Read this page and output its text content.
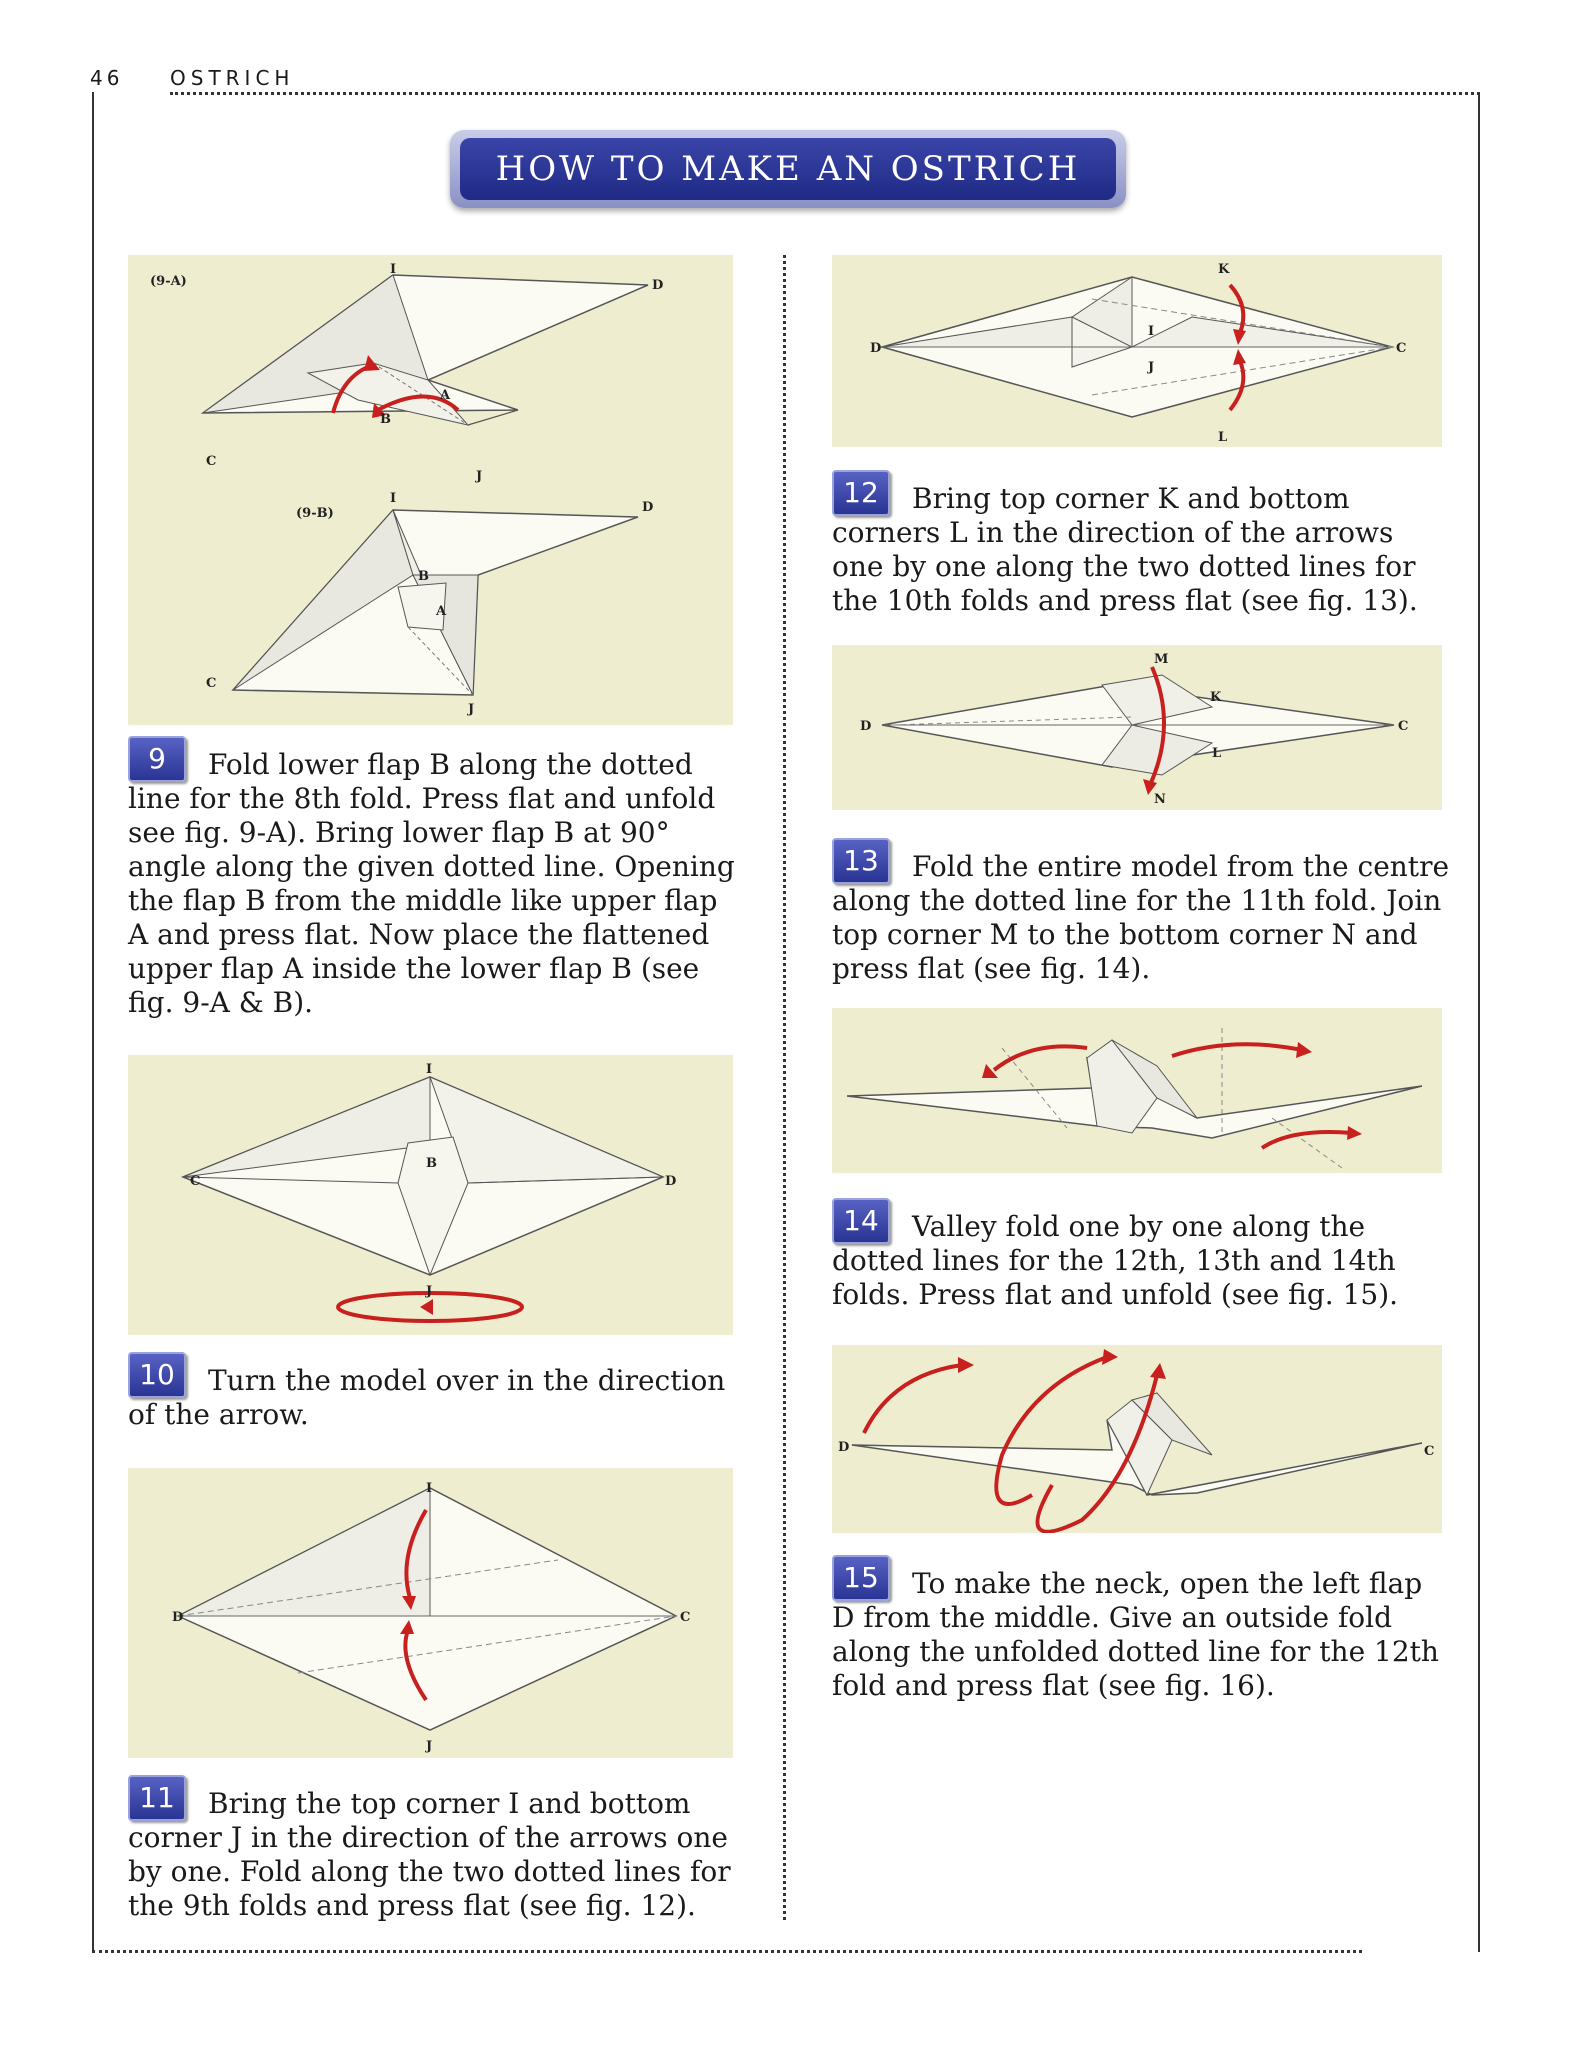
46 OSTRICH
HOW TO MAKE AN OSTRICH
(9-A)
I
D
A
B
C
J
(9-B)
I
D
B
A
C
J

9 Fold lower flap B along the dotted line for the 8th fold. Press flat and unfold see fig. 9-A). Bring lower flap B at 90° angle along the given dotted line. Opening the flap B from the middle like upper flap A and press flat. Now place the flattened upper flap A inside the lower flap B (see fig. 9-A & B).

I
B
C	D
J

10 Turn the model over in the direction of the arrow.

I
D	C
J

11 Bring the top corner I and bottom corner J in the direction of the arrows one by one. Fold along the two dotted lines for the 9th folds and press flat (see fig. 12).

K
I
D	C
J
L

12 Bring top corner K and bottom corners L in the direction of the arrows one by one along the two dotted lines for the 10th folds and press flat (see fig. 13).

M
K
D	C
L
N

13 Fold the entire model from the centre along the dotted line for the 11th fold. Join top corner M to the bottom corner N and press flat (see fig. 14).

14 Valley fold one by one along the dotted lines for the 12th, 13th and 14th folds. Press flat and unfold (see fig. 15).

D	C

15 To make the neck, open the left flap D from the middle. Give an outside fold along the unfolded dotted line for the 12th fold and press flat (see fig. 16).
